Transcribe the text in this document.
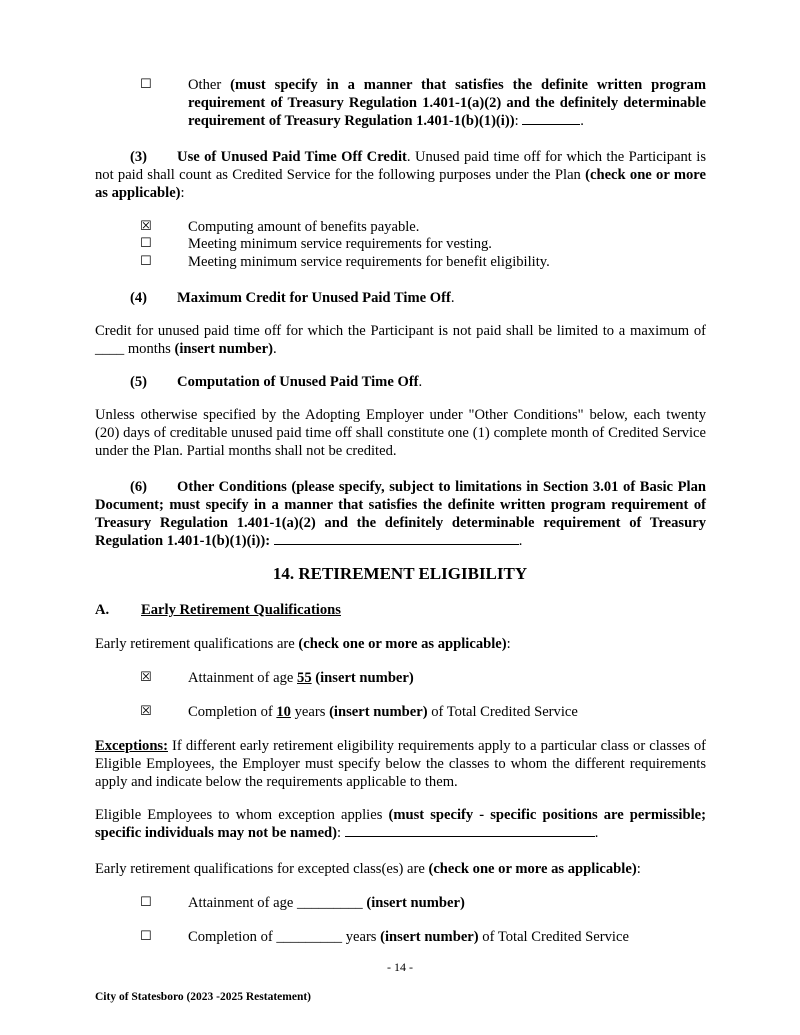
☐ Other (must specify in a manner that satisfies the definite written program requirement of Treasury Regulation 1.401-1(a)(2) and the definitely determinable requirement of Treasury Regulation 1.401-1(b)(1)(i)):	.
(3) Use of Unused Paid Time Off Credit. Unused paid time off for which the Participant is not paid shall count as Credited Service for the following purposes under the Plan (check one or more as applicable):
☒ Computing amount of benefits payable.
☐ Meeting minimum service requirements for vesting.
☐ Meeting minimum service requirements for benefit eligibility.
(4) Maximum Credit for Unused Paid Time Off.
Credit for unused paid time off for which the Participant is not paid shall be limited to a maximum of ____ months (insert number).
(5) Computation of Unused Paid Time Off.
Unless otherwise specified by the Adopting Employer under "Other Conditions" below, each twenty (20) days of creditable unused paid time off shall constitute one (1) complete month of Credited Service under the Plan. Partial months shall not be credited.
(6) Other Conditions (please specify, subject to limitations in Section 3.01 of Basic Plan Document; must specify in a manner that satisfies the definite written program requirement of Treasury Regulation 1.401-1(a)(2) and the definitely determinable requirement of Treasury Regulation 1.401-1(b)(1)(i)):	.
14. RETIREMENT ELIGIBILITY
A. Early Retirement Qualifications
Early retirement qualifications are (check one or more as applicable):
☒ Attainment of age 55 (insert number)
☒ Completion of 10 years (insert number) of Total Credited Service
Exceptions: If different early retirement eligibility requirements apply to a particular class or classes of Eligible Employees, the Employer must specify below the classes to whom the different requirements apply and indicate below the requirements applicable to them.
Eligible Employees to whom exception applies (must specify - specific positions are permissible; specific individuals may not be named):	.
Early retirement qualifications for excepted class(es) are (check one or more as applicable):
☐ Attainment of age _________ (insert number)
☐ Completion of _________ years (insert number) of Total Credited Service
- 14 -
City of Statesboro (2023 -2025 Restatement)
